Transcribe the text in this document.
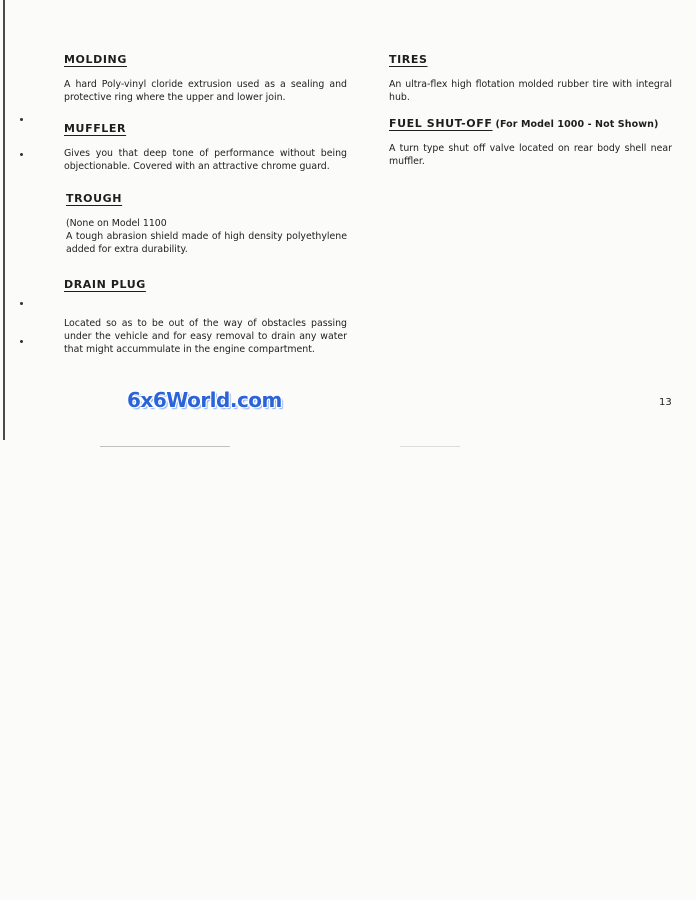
MOLDING

A hard Poly-vinyl cloride extrusion used as a sealing and protective ring where the upper and lower join.

MUFFLER

Gives you that deep tone of performance without being objectionable. Covered with an attractive chrome guard.

TROUGH

(None on Model 1100

A tough abrasion shield made of high density polyethylene added for extra durability.

DRAIN PLUG

Located so as to be out of the way of obstacles passing under the vehicle and for easy removal to drain any water that might accummulate in the engine compartment.

TIRES

An ultra-flex high flotation molded rubber tire with integral hub.

FUEL SHUT-OFF (For Model 1000 - Not Shown)

A turn type shut off valve located on rear body shell near muffler.

6x6World.com	13
